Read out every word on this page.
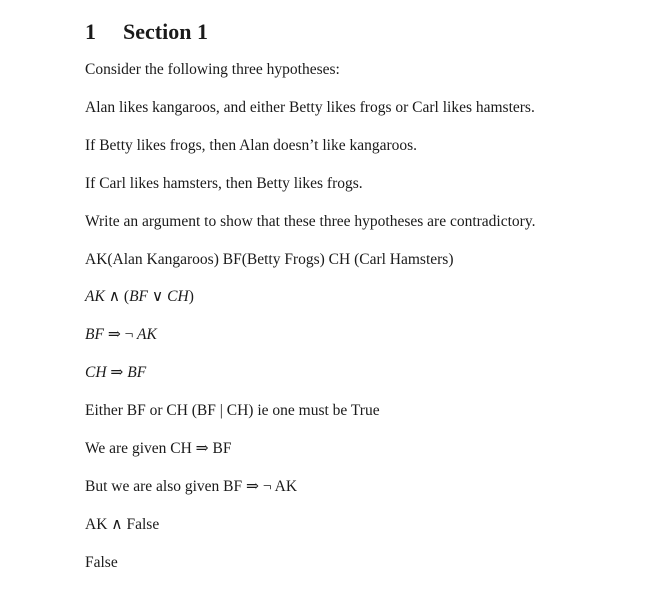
1 Section 1
Consider the following three hypotheses:
Alan likes kangaroos, and either Betty likes frogs or Carl likes hamsters.
If Betty likes frogs, then Alan doesn’t like kangaroos.
If Carl likes hamsters, then Betty likes frogs.
Write an argument to show that these three hypotheses are contradictory.
AK(Alan Kangaroos) BF(Betty Frogs) CH (Carl Hamsters)
AK ∧ (BF ∨ CH)
BF ⇒ ¬ AK
CH ⇒ BF
Either BF or CH (BF | CH) ie one must be True
We are given CH ⇒ BF
But we are also given BF ⇒ ¬ AK
AK ∧ False
False
